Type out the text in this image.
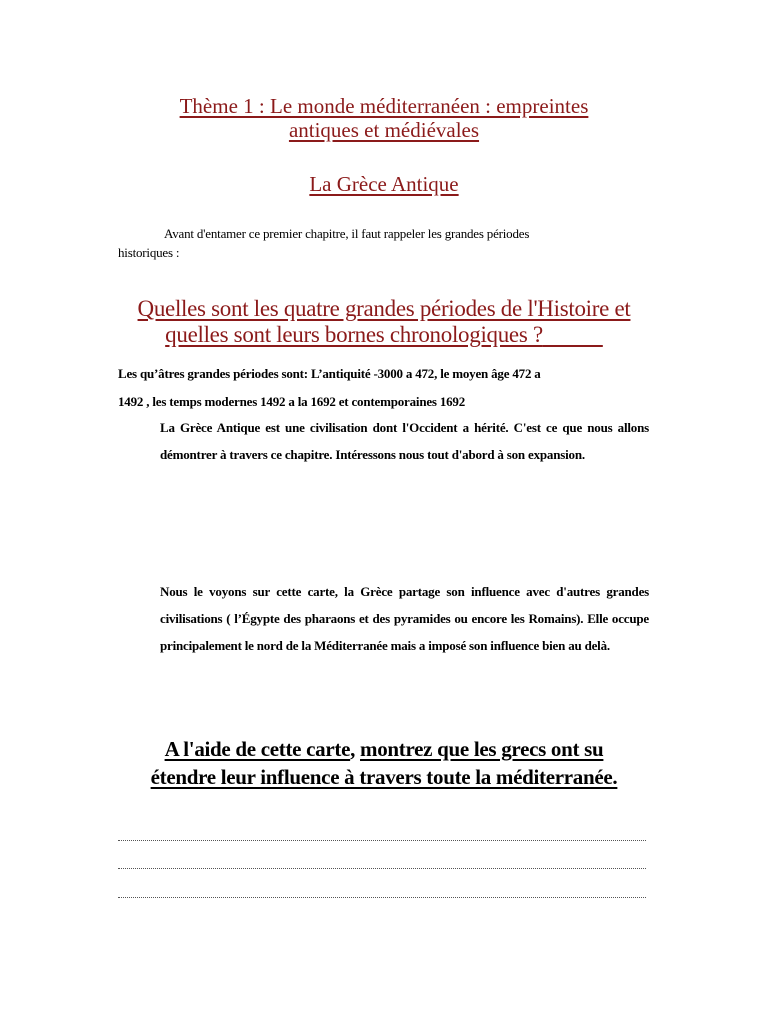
Thème 1 : Le monde méditerranéen : empreintes
antiques et médiévales
La Grèce Antique
Avant d'entamer ce premier chapitre, il faut rappeler les grandes périodes
historiques :
Quelles sont les quatre grandes périodes de l'Histoire et
quelles sont leurs bornes chronologiques ?
Les qu’âtres grandes périodes sont: L’antiquité -3000 a 472, le moyen âge 472 a
1492 , les temps modernes 1492 a la 1692 et contemporaines 1692
La Grèce Antique est une civilisation dont l'Occident a hérité. C'est ce que nous allons démontrer à travers ce chapitre. Intéressons nous tout d'abord à son expansion.
Nous le voyons sur cette carte, la Grèce partage son influence avec d'autres grandes civilisations ( l’Égypte des pharaons et des pyramides ou encore les Romains). Elle occupe principalement le nord de la Méditerranée mais a imposé son influence bien au delà.
A l'aide de cette carte, montrez que les grecs ont su
étendre leur influence à travers toute la méditerranée.
